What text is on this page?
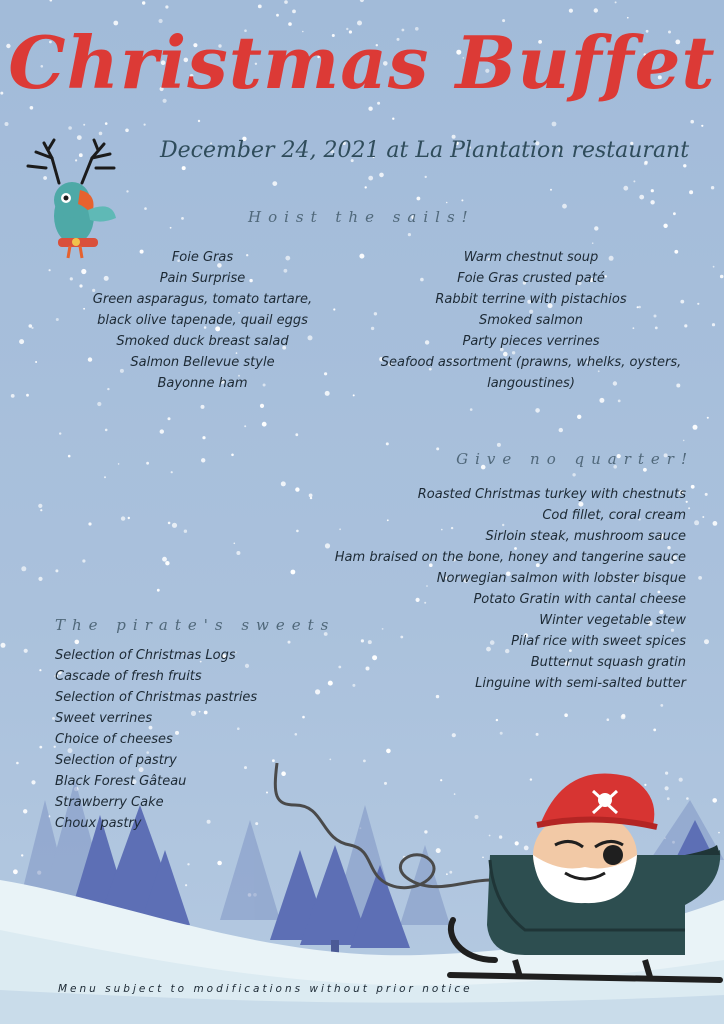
Christmas Buffet

December 24, 2021 at La Plantation restaurant

Hoist the sails!

Foie Gras
Pain Surprise
Green asparagus, tomato tartare,
black olive tapenade, quail eggs
Smoked duck breast salad
Salmon Bellevue style
Bayonne ham
Warm chestnut soup
Foie Gras crusted paté
Rabbit terrine with pistachios
Smoked salmon
Party pieces verrines
Seafood assortment (prawns, whelks, oysters,
langoustines)

Give no quarter!

Roasted Christmas turkey with chestnuts
Cod fillet, coral cream
Sirloin steak, mushroom sauce
Ham braised on the bone, honey and tangerine sauce
Norwegian salmon with lobster bisque
Potato Gratin with cantal cheese
Winter vegetable stew
Pilaf rice with sweet spices
Butternut squash gratin
Linguine with semi-salted butter

The pirate's sweets

Selection of Christmas Logs
Cascade of fresh fruits
Selection of Christmas pastries
Sweet verrines
Choice of cheeses
Selection of pastry
Black Forest Gâteau
Strawberry Cake
Choux pastry

Menu subject to modifications without prior notice
